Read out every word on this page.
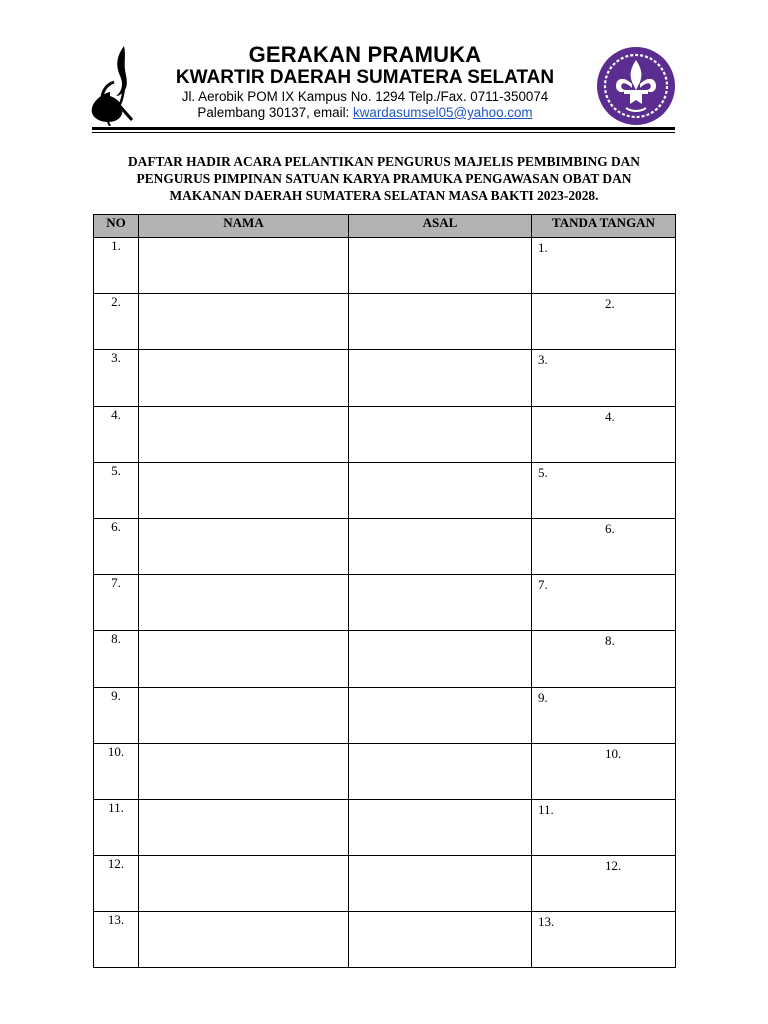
GERAKAN PRAMUKA
KWARTIR DAERAH SUMATERA SELATAN
Jl. Aerobik POM IX Kampus No. 1294 Telp./Fax. 0711-350074
Palembang 30137, email: kwardasumsel05@yahoo.com
DAFTAR HADIR ACARA PELANTIKAN PENGURUS MAJELIS PEMBIMBING DAN
PENGURUS PIMPINAN SATUAN KARYA PRAMUKA PENGAWASAN OBAT DAN
MAKANAN DAERAH SUMATERA SELATAN MASA BAKTI 2023-2028.
NO	NAMA	ASAL	TANDA TANGAN
1.			1.

2.			2.

3.			3.

4.			4.

5.			5.

6.			6.

7.			7.

8.			8.

9.			9.

10.			10.

11.			11.

12.			12.

13.			13.
